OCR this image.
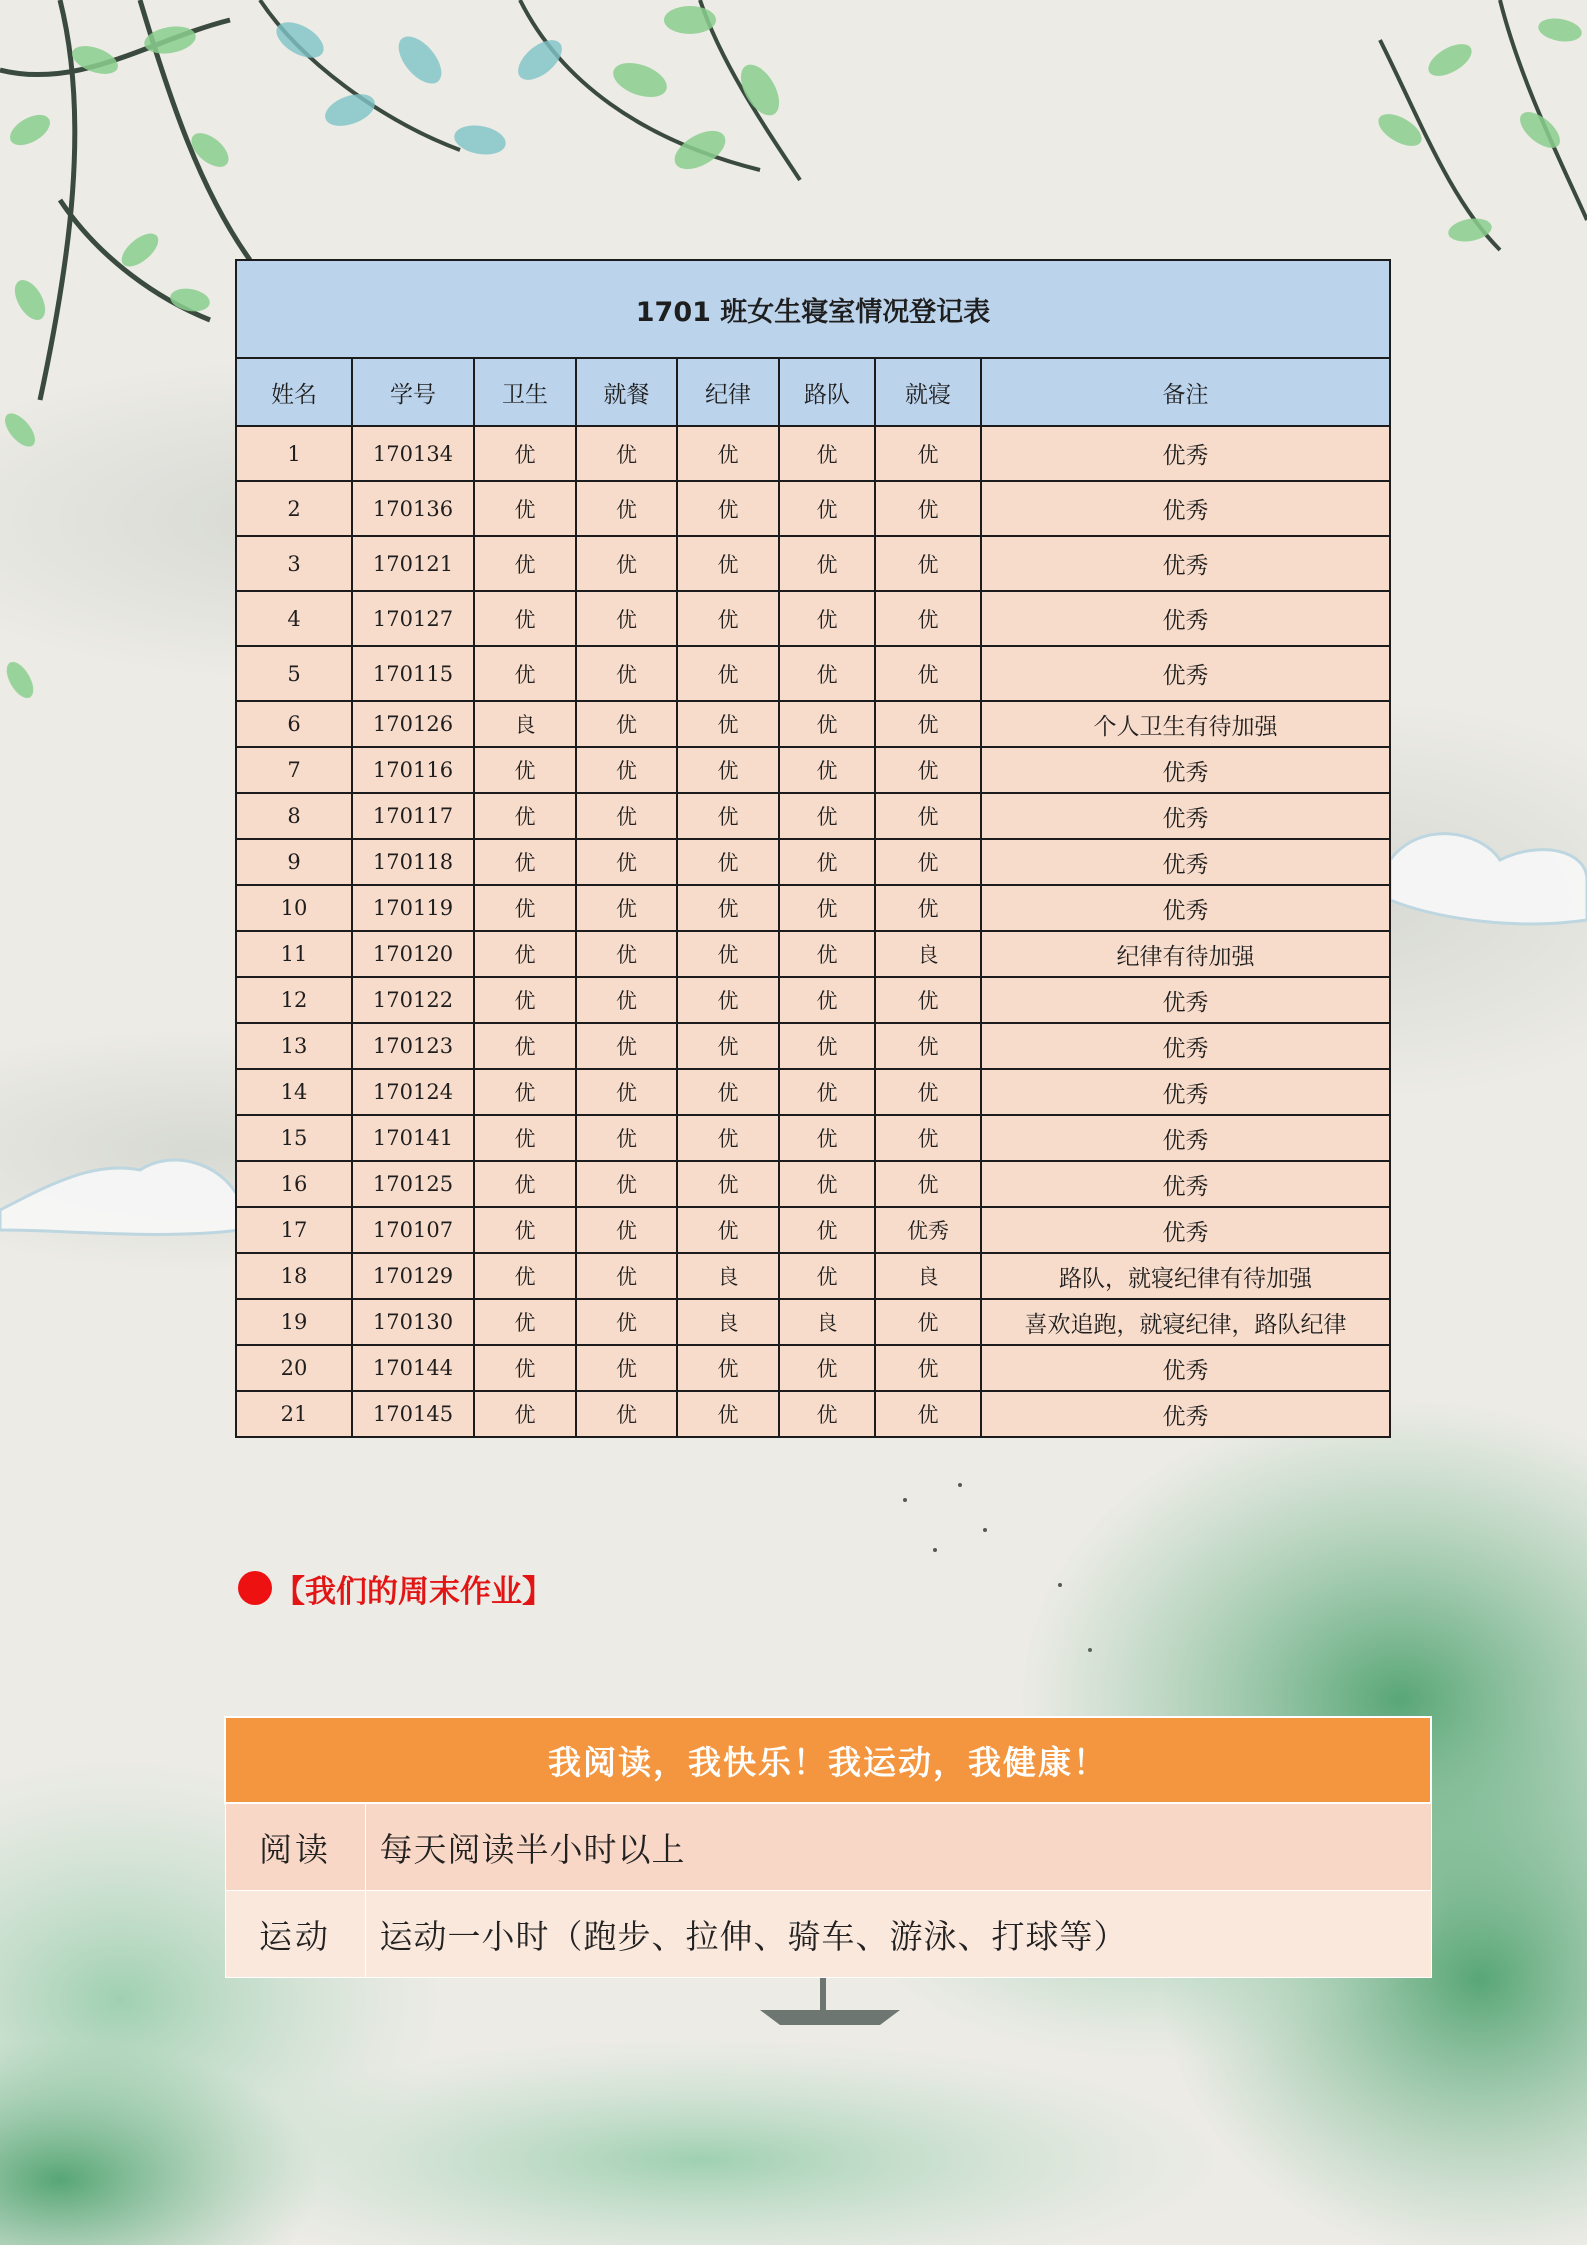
1701 班女生寝室情况登记表							
姓名	学号	卫生	就餐	纪律	路队	就寝	备注
1	170134	优	优	优	优	优	优秀
2	170136	优	优	优	优	优	优秀
3	170121	优	优	优	优	优	优秀
4	170127	优	优	优	优	优	优秀
5	170115	优	优	优	优	优	优秀
6	170126	良	优	优	优	优	个人卫生有待加强
7	170116	优	优	优	优	优	优秀
8	170117	优	优	优	优	优	优秀
9	170118	优	优	优	优	优	优秀
10	170119	优	优	优	优	优	优秀
11	170120	优	优	优	优	良	纪律有待加强
12	170122	优	优	优	优	优	优秀
13	170123	优	优	优	优	优	优秀
14	170124	优	优	优	优	优	优秀
15	170141	优	优	优	优	优	优秀
16	170125	优	优	优	优	优	优秀
17	170107	优	优	优	优	优秀	优秀
18	170129	优	优	良	优	良	路队，就寝纪律有待加强
19	170130	优	优	良	良	优	喜欢追跑，就寝纪律，路队纪律
20	170144	优	优	优	优	优	优秀
21	170145	优	优	优	优	优	优秀
【我们的周末作业】
我阅读，我快乐！我运动，我健康！	
阅读	每天阅读半小时以上
运动	运动一小时（跑步、拉伸、骑车、游泳、打球等）
